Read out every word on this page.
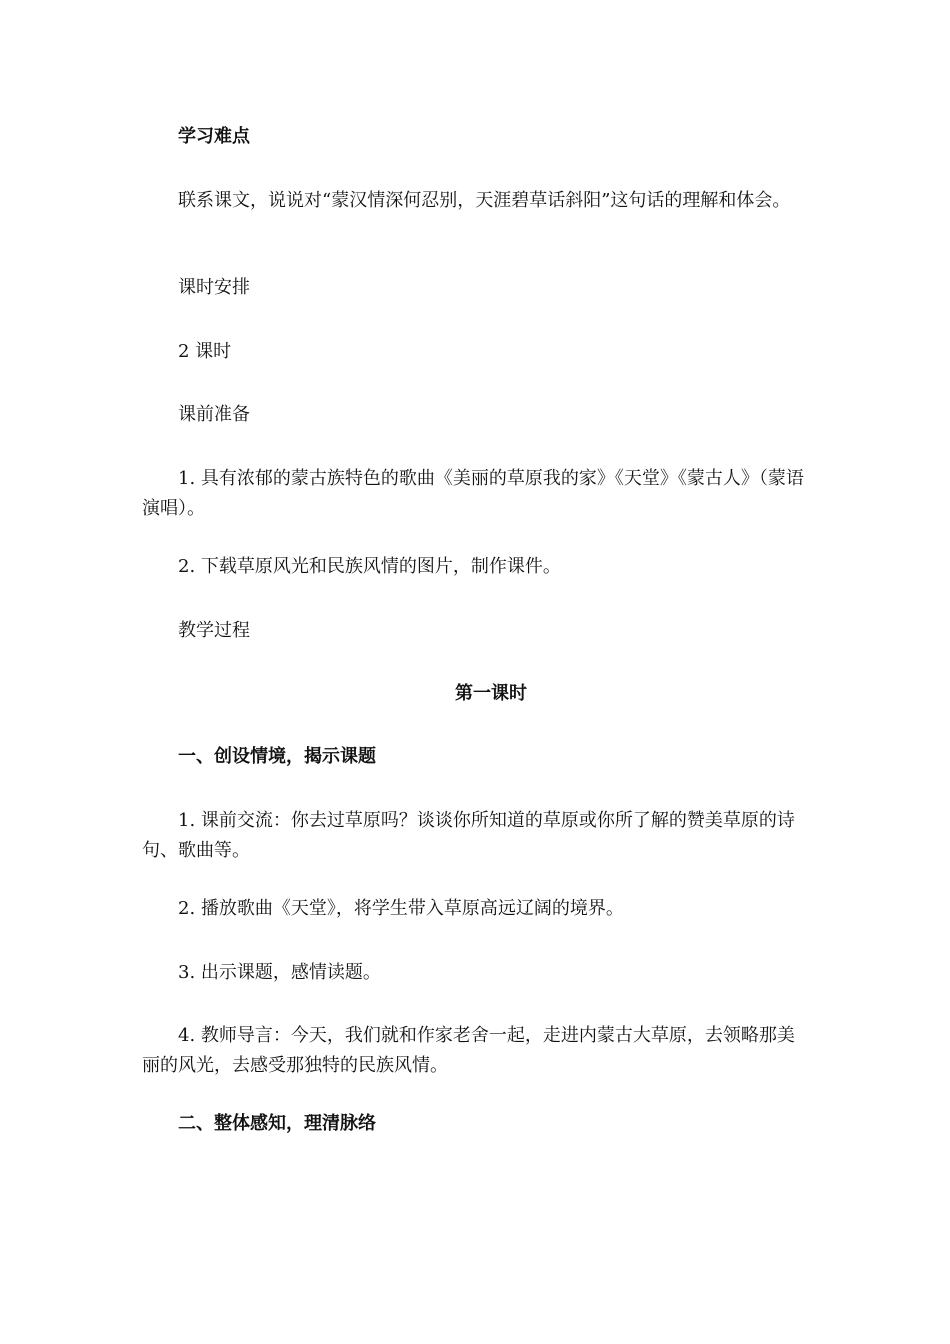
学习难点
联系课文，说说对“蒙汉情深何忍别，天涯碧草话斜阳”这句话的理解和体会。
课时安排
2 课时
课前准备
1. 具有浓郁的蒙古族特色的歌曲《美丽的草原我的家》《天堂》《蒙古人》（蒙语演唱）。
2. 下载草原风光和民族风情的图片，制作课件。
教学过程
第一课时
一、创设情境，揭示课题
1. 课前交流：你去过草原吗？谈谈你所知道的草原或你所了解的赞美草原的诗句、歌曲等。
2. 播放歌曲《天堂》，将学生带入草原高远辽阔的境界。
3. 出示课题，感情读题。
4. 教师导言：今天，我们就和作家老舍一起，走进内蒙古大草原，去领略那美丽的风光，去感受那独特的民族风情。
二、整体感知，理清脉络
